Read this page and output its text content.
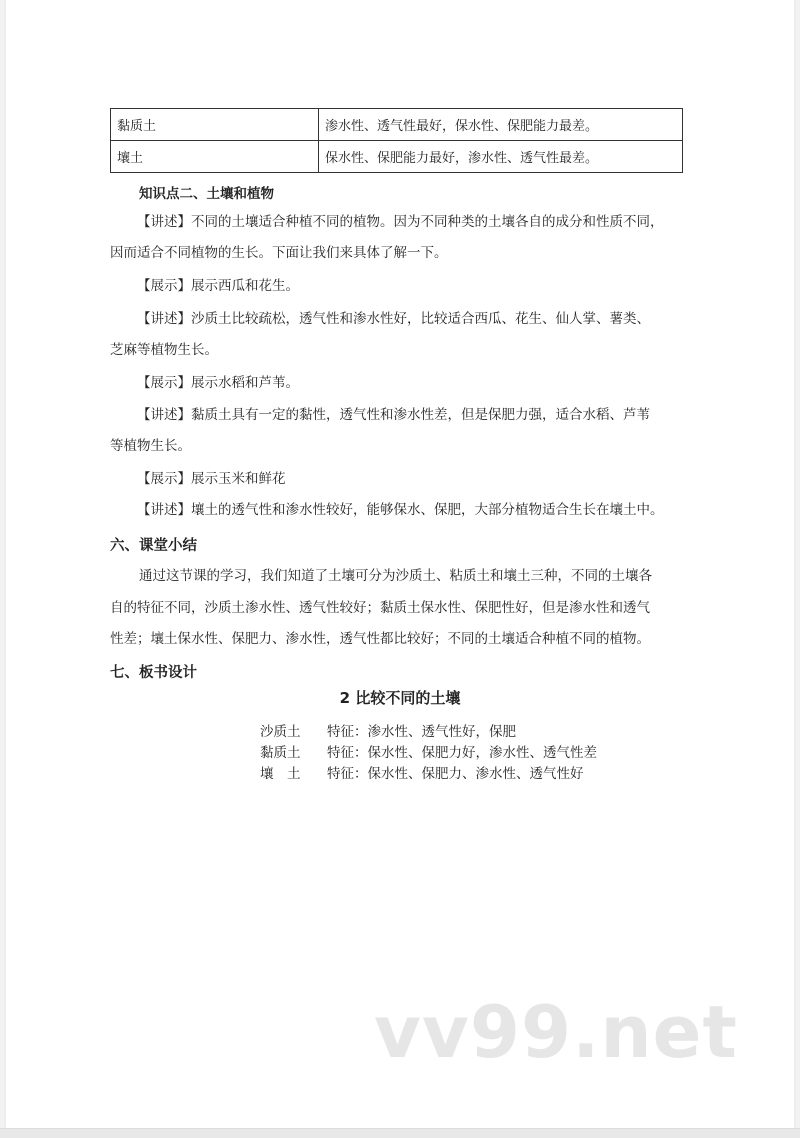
黏质土	渗水性、透气性最好，保水性、保肥能力最差。
壤土	保水性、保肥能力最好，渗水性、透气性最差。
知识点二、土壤和植物
【讲述】不同的土壤适合种植不同的植物。因为不同种类的土壤各自的成分和性质不同，
因而适合不同植物的生长。下面让我们来具体了解一下。
【展示】展示西瓜和花生。
【讲述】沙质土比较疏松，透气性和渗水性好，比较适合西瓜、花生、仙人掌、薯类、
芝麻等植物生长。
【展示】展示水稻和芦苇。
【讲述】黏质土具有一定的黏性，透气性和渗水性差，但是保肥力强，适合水稻、芦苇
等植物生长。
【展示】展示玉米和鲜花
【讲述】壤土的透气性和渗水性较好，能够保水、保肥，大部分植物适合生长在壤土中。
六、课堂小结
通过这节课的学习，我们知道了土壤可分为沙质土、粘质土和壤土三种，不同的土壤各
自的特征不同，沙质土渗水性、透气性较好；黏质土保水性、保肥性好，但是渗水性和透气
性差；壤土保水性、保肥力、渗水性，透气性都比较好；不同的土壤适合种植不同的植物。
七、板书设计
2 比较不同的土壤
沙质土 特征：渗水性、透气性好，保肥
黏质土 特征：保水性、保肥力好，渗水性、透气性差
壤　土 特征：保水性、保肥力、渗水性、透气性好
vv99.net
